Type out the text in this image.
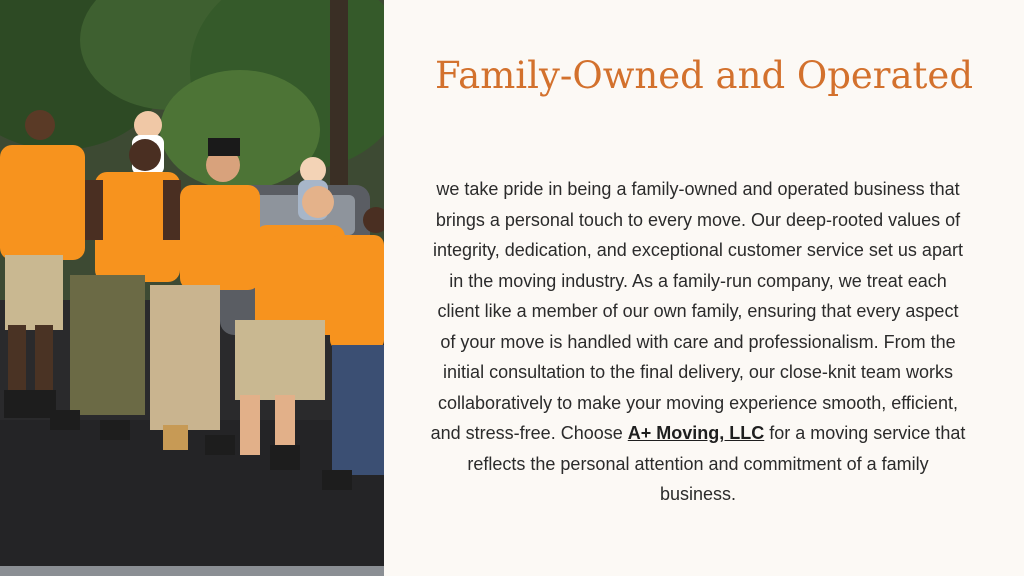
Family-Owned and Operated
we take pride in being a family-owned and operated business that brings a personal touch to every move. Our deep-rooted values of integrity, dedication, and exceptional customer service set us apart in the moving industry. As a family-run company, we treat each client like a member of our own family, ensuring that every aspect of your move is handled with care and professionalism. From the initial consultation to the final delivery, our close-knit team works collaboratively to make your moving experience smooth, efficient, and stress-free. Choose A+ Moving, LLC for a moving service that reflects the personal attention and commitment of a family business.
